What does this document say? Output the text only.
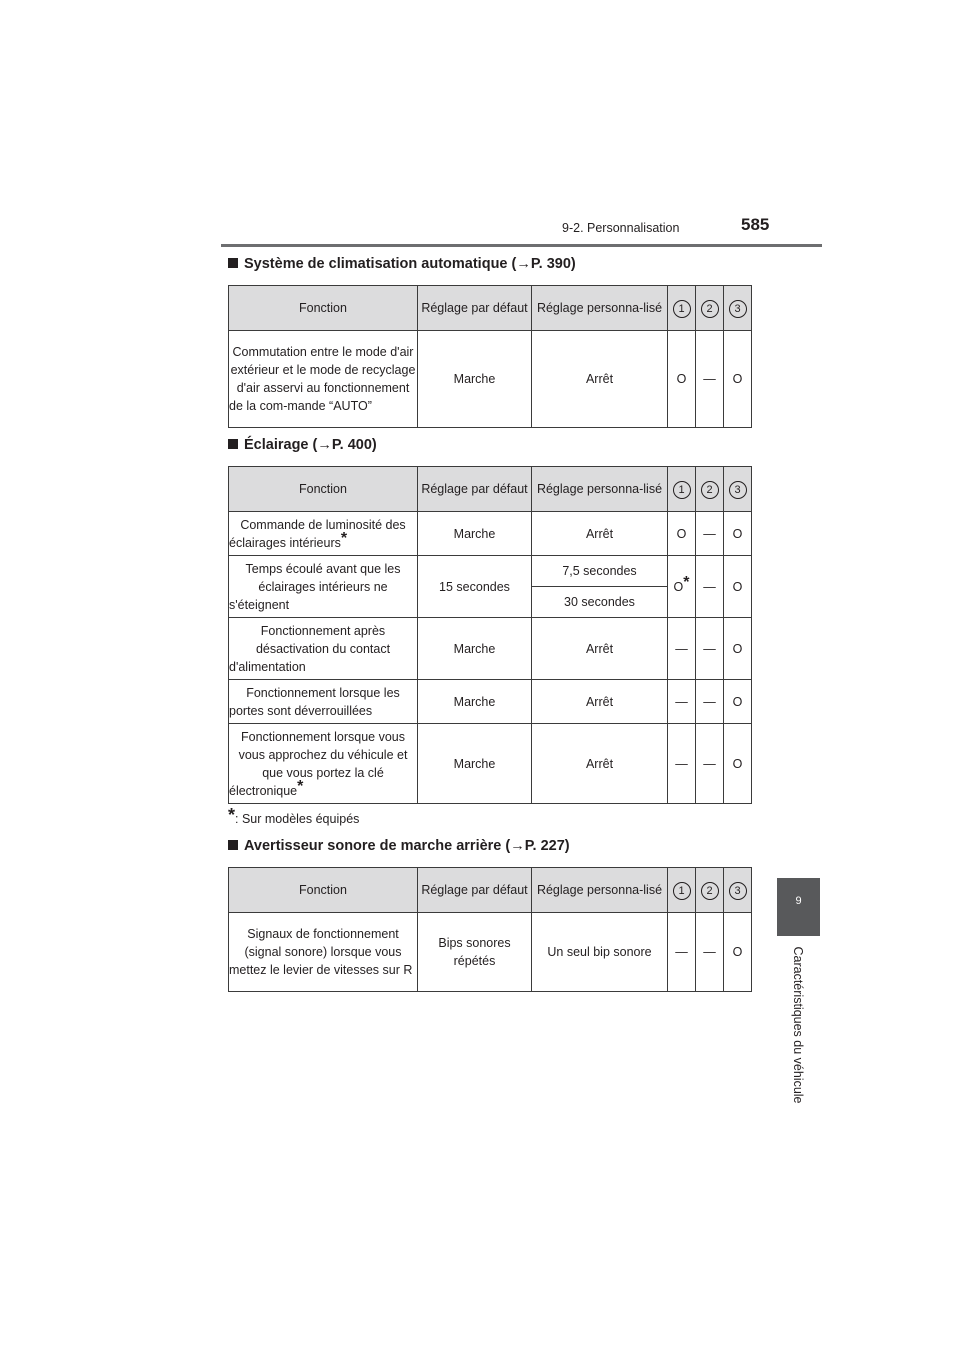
9-2. Personnalisation	585
9
Caractéristiques du véhicule
Système de climatisation automatique (→P. 390)
Fonction	Réglage par défaut	Réglage personna-lisé	1	2	3
Commutation entre le mode d'air extérieur et le mode de recyclage d'air asservi au fonctionnement de la com-mande “AUTO”	Marche	Arrêt	O	—	O
Éclairage (→P. 400)
Fonction	Réglage par défaut	Réglage personna-lisé	1	2	3
Commande de luminosité des éclairages intérieurs*	Marche	Arrêt	O	—	O
Temps écoulé avant que les éclairages intérieurs ne s'éteignent	15 secondes	7,5 secondes	O*	—	O
		30 secondes			
Fonctionnement après désactivation du contact d'alimentation	Marche	Arrêt	—	—	O
Fonctionnement lorsque les portes sont déverrouillées	Marche	Arrêt	—	—	O
Fonctionnement lorsque vous vous approchez du véhicule et que vous portez la clé électronique*	Marche	Arrêt	—	—	O
*: Sur modèles équipés
Avertisseur sonore de marche arrière (→P. 227)
Fonction	Réglage par défaut	Réglage personna-lisé	1	2	3
Signaux de fonctionnement (signal sonore) lorsque vous mettez le levier de vitesses sur R	Bips sonores répétés	Un seul bip sonore	—	—	O
